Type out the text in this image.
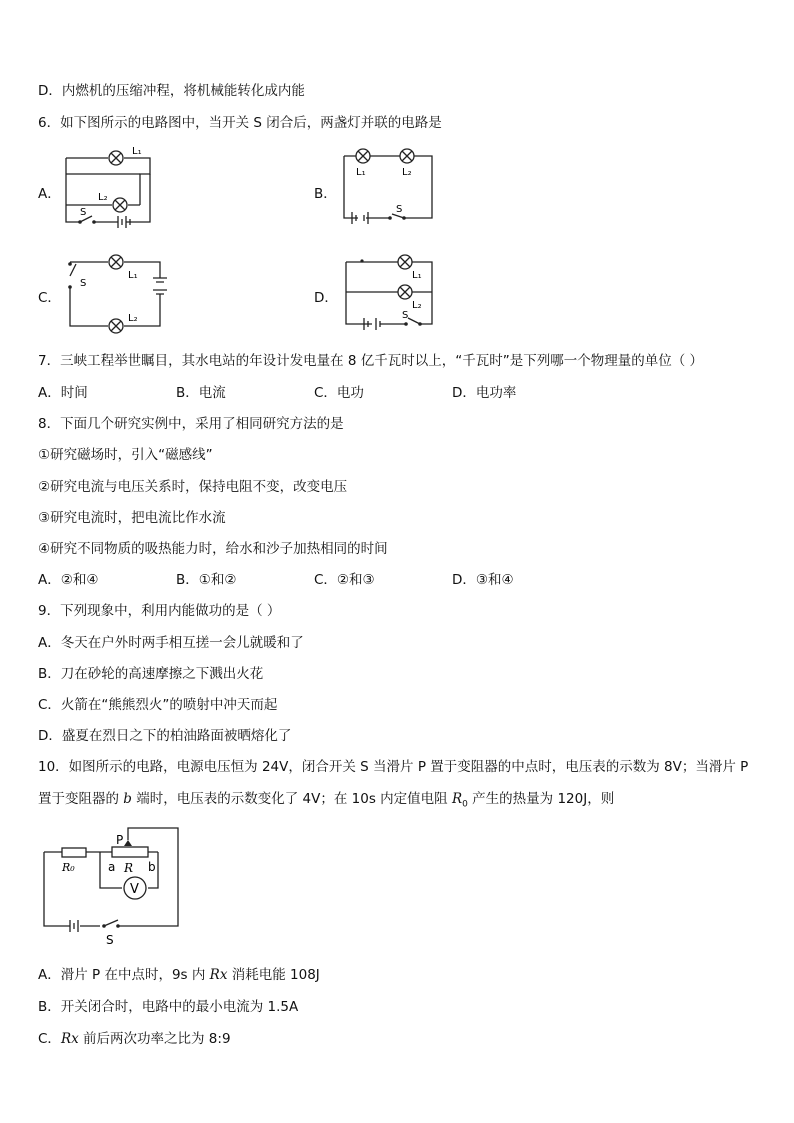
D．内燃机的压缩冲程，将机械能转化成内能
6．如下图所示的电路图中，当开关 S 闭合后，两盏灯并联的电路是
A．	B．
C．	D．
L₁
L₂
S
L₁	L₂
S
S
L₁
L₂
L₁
L₂
S
7．三峡工程举世瞩目，其水电站的年设计发电量在 8 亿千瓦时以上，“千瓦时”是下列哪一个物理量的单位（ ）
A．时间	B．电流	C．电功	D．电功率
8．下面几个研究实例中，采用了相同研究方法的是
①研究磁场时，引入“磁感线”
②研究电流与电压关系时，保持电阻不变，改变电压
③研究电流时，把电流比作水流
④研究不同物质的吸热能力时，给水和沙子加热相同的时间
A．②和④	B．①和②	C．②和③	D．③和④
9．下列现象中，利用内能做功的是（ ）
A．冬天在户外时两手相互搓一会儿就暖和了
B．刀在砂轮的高速摩擦之下溅出火花
C．火箭在“熊熊烈火”的喷射中冲天而起
D．盛夏在烈日之下的柏油路面被晒熔化了
10．如图所示的电路，电源电压恒为 24V，闭合开关 S 当滑片 P 置于变阻器的中点时，电压表的示数为 8V；当滑片 P
置于变阻器的 b 端时，电压表的示数变化了 4V；在 10s 内定值电阻 $R_0$ 产生的热量为 120J，则
R₀
P
a R b
V
S
A．滑片 P 在中点时，9s 内 Rx 消耗电能 108J
B．开关闭合时，电路中的最小电流为 1.5A
C．Rx 前后两次功率之比为 8:9
